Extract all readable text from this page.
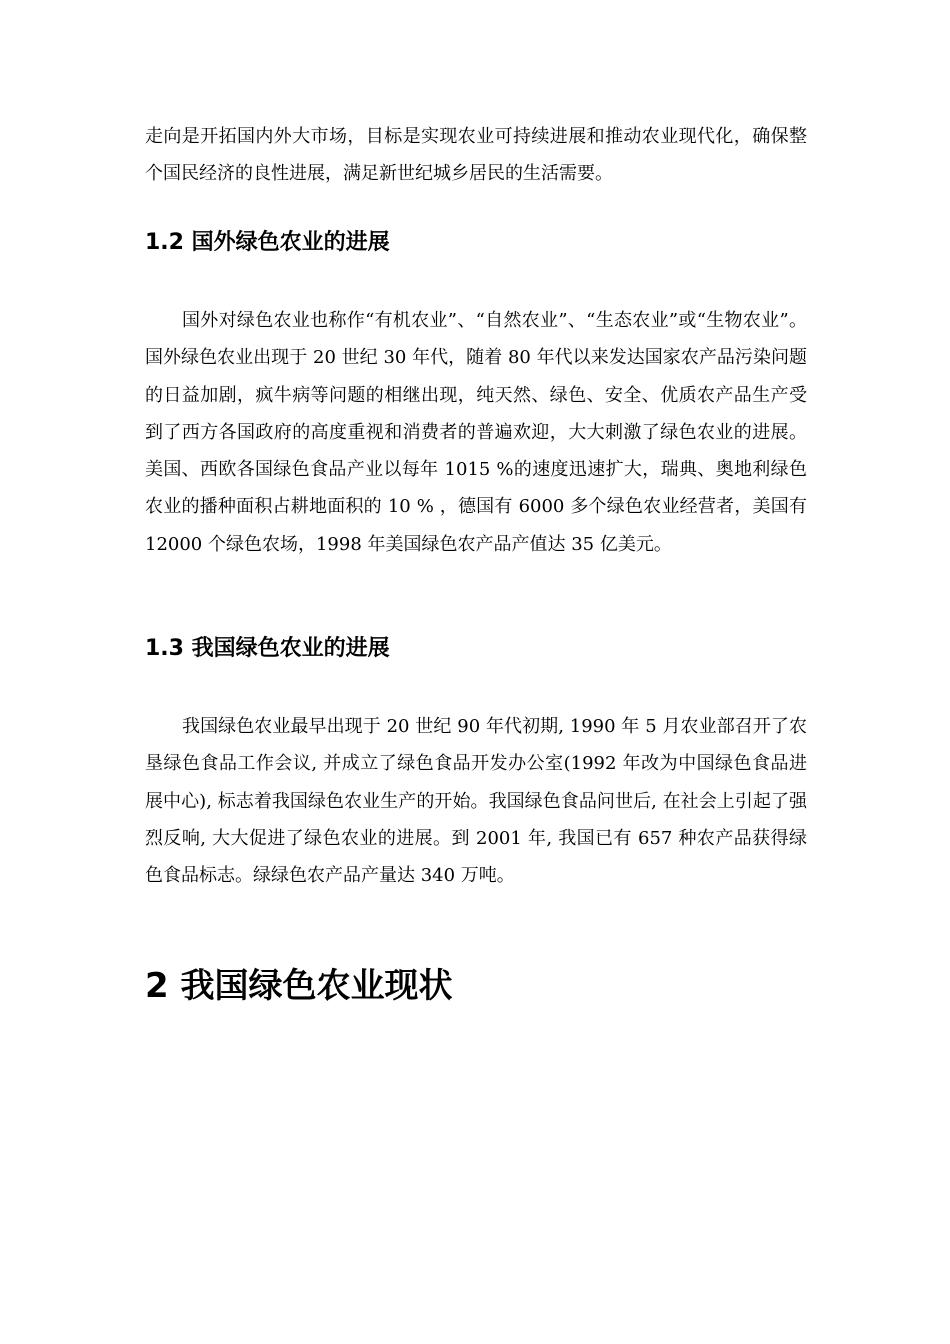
走向是开拓国内外大市场，目标是实现农业可持续进展和推动农业现代化，确保整个国民经济的良性进展，满足新世纪城乡居民的生活需要。

1.2 国外绿色农业的进展

国外对绿色农业也称作“有机农业”、“自然农业”、“生态农业”或“生物农业”。国外绿色农业出现于 20 世纪 30 年代，随着 80 年代以来发达国家农产品污染问题的日益加剧，疯牛病等问题的相继出现，纯天然、绿色、安全、优质农产品生产受到了西方各国政府的高度重视和消费者的普遍欢迎，大大刺激了绿色农业的进展。美国、西欧各国绿色食品产业以每年 1015 %的速度迅速扩大，瑞典、奥地利绿色农业的播种面积占耕地面积的 10 % ，德国有 6000 多个绿色农业经营者，美国有 12000 个绿色农场，1998 年美国绿色农产品产值达 35 亿美元。

1.3 我国绿色农业的进展

我国绿色农业最早出现于 20 世纪 90 年代初期, 1990 年 5 月农业部召开了农垦绿色食品工作会议, 并成立了绿色食品开发办公室(1992 年改为中国绿色食品进展中心), 标志着我国绿色农业生产的开始。我国绿色食品问世后, 在社会上引起了强烈反响, 大大促进了绿色农业的进展。到 2001 年, 我国已有 657 种农产品获得绿色食品标志。绿绿色农产品产量达 340 万吨。

2 我国绿色农业现状
